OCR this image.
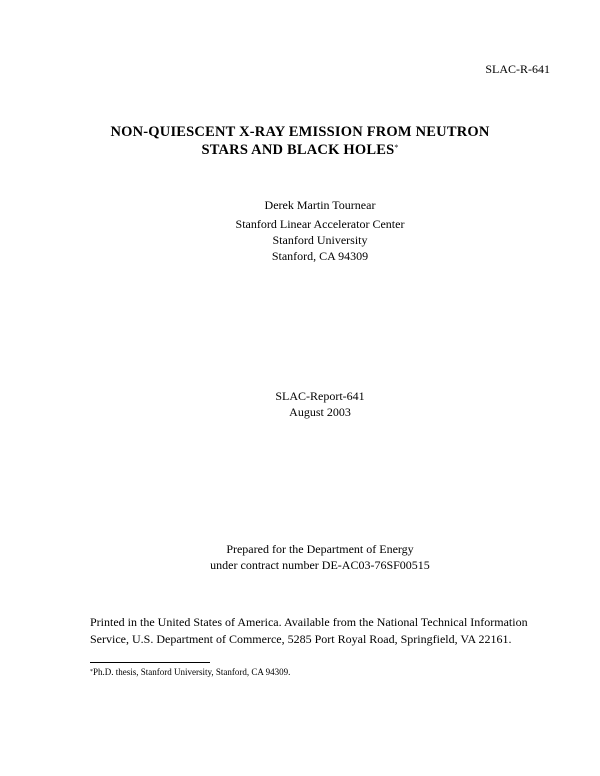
SLAC-R-641
NON-QUIESCENT X-RAY EMISSION FROM NEUTRON
STARS AND BLACK HOLES*
Derek Martin Tournear
Stanford Linear Accelerator Center
Stanford University
Stanford, CA 94309
SLAC-Report-641
August 2003
Prepared for the Department of Energy
under contract number DE-AC03-76SF00515
Printed in the United States of America. Available from the National Technical Information
Service, U.S. Department of Commerce, 5285 Port Royal Road, Springfield, VA 22161.
*Ph.D. thesis, Stanford University, Stanford, CA 94309.
